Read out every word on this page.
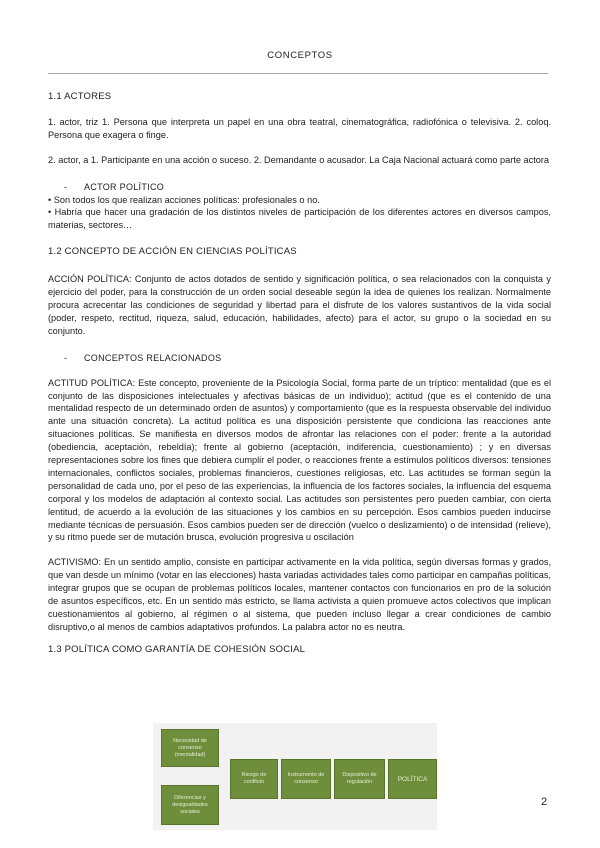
CONCEPTOS

1.1 ACTORES

1. actor, triz 1. Persona que interpreta un papel en una obra teatral, cinematográfica, radiofónica o televisiva. 2. coloq. Persona que exagera o finge.

2. actor, a 1. Participante en una acción o suceso. 2. Demandante o acusador. La Caja Nacional actuará como parte actora

- ACTOR POLÍTICO

• Son todos los que realizan acciones políticas: profesionales o no.

• Habría que hacer una gradación de los distintos niveles de participación de los diferentes actores en diversos campos, materias, sectores…

1.2 CONCEPTO DE ACCIÓN EN CIENCIAS POLÍTICAS

ACCIÓN POLÍTICA: Conjunto de actos dotados de sentido y significación política, o sea relacionados con la conquista y ejercicio del poder, para la construcción de un orden social deseable según la idea de quienes los realizan. Normalmente procura acrecentar las condiciones de seguridad y libertad para el disfrute de los valores sustantivos de la vida social (poder, respeto, rectitud, riqueza, salud, educación, habilidades, afecto) para el actor, su grupo o la sociedad en su conjunto.

- CONCEPTOS RELACIONADOS

ACTITUD POLÍTICA: Este concepto, proveniente de la Psicología Social, forma parte de un tríptico: mentalidad (que es el conjunto de las disposiciones intelectuales y afectivas básicas de un individuo); actitud (que es el contenido de una mentalidad respecto de un determinado orden de asuntos) y comportamiento (que es la respuesta observable del individuo ante una situación concreta). La actitud política es una disposición persistente que condiciona las reacciones ante situaciones políticas. Se manifiesta en diversos modos de afrontar las relaciones con el poder: frente a la autoridad (obediencia, aceptación, rebeldía); frente al gobierno (aceptación, indiferencia, cuestionamiento) ; y en diversas representaciones sobre los fines que debiera cumplir el poder, o reacciones frente a estímulos políticos diversos: tensiones internacionales, conflictos sociales, problemas financieros, cuestiones religiosas, etc. Las actitudes se forman según la personalidad de cada uno, por el peso de las experiencias, la influencia de los factores sociales, la influencia del esquema corporal y los modelos de adaptación al contexto social. Las actitudes son persistentes pero pueden cambiar, con cierta lentitud, de acuerdo a la evolución de las situaciones y los cambios en su percepción. Esos cambios pueden inducirse mediante técnicas de persuasión. Esos cambios pueden ser de dirección (vuelco o deslizamiento) o de intensidad (relieve), y su ritmo puede ser de mutación brusca, evolución progresiva u oscilación

ACTIVISMO: En un sentido amplio, consiste en participar activamente en la vida política, según diversas formas y grados, que van desde un mínimo (votar en las elecciones) hasta variadas actividades tales como participar en campañas políticas, integrar grupos que se ocupan de problemas políticos locales, mantener contactos con funcionarios en pro de la solución de asuntos específicos, etc. En un sentido más estricto, se llama activista a quien promueve actos colectivos que implican cuestionamientos al gobierno, al régimen o al sistema, que pueden incluso llegar a crear condiciones de cambio disruptivo,o al menos de cambios adaptativos profundos. La palabra actor no es neutra.

1.3 POLÍTICA COMO GARANTÍA DE COHESIÓN SOCIAL

Necesidad de consenso (mentalidad)
Diferencias y desigualdades sociales
Riesgo de conflicto
Instrumento de consenso
Dispositivo de regulación	POLÍTICA
2
